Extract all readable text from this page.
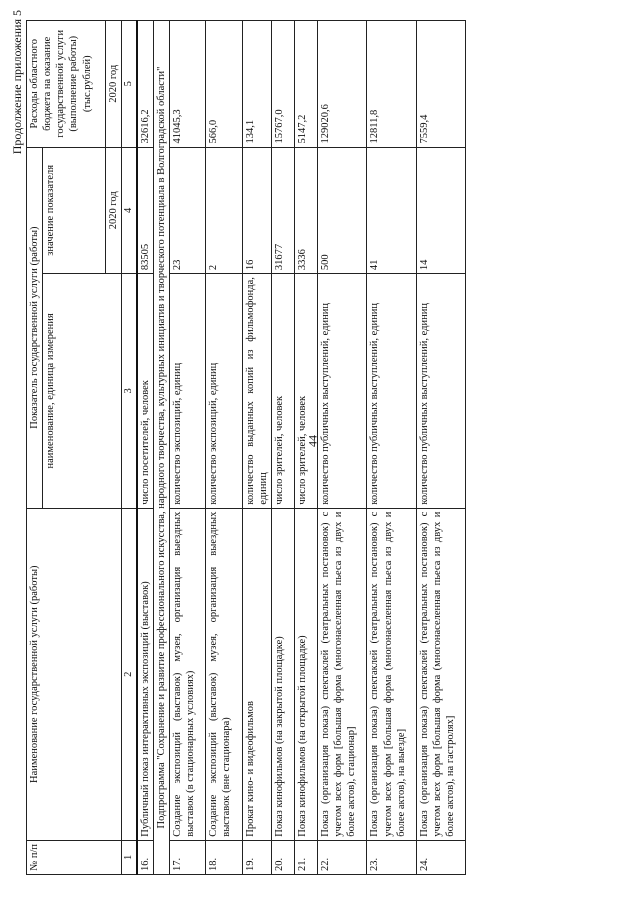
44
Продолжение приложения 5
№ п/п	Наименование государственной услуги (работы)	Показатель государственной услуги (работы)		Расходы областного бюджета на оказание государственной услуги (выполнение работы) (тыс.рублей)
		наименование, единица измерения	значение показателя	
			2020 год	2020 год
1	2	3	4	5
16.	Публичный показ интерактивных экспозиций (выставок)	число посетителей, человек	83505	32616,2
Подпрограмма "Сохранение и развитие профессионального искусства, народного творчества, культурных инициатив и творческого потенциала в Волгоградской области"				
17.	Создание экспозиций (выставок) музея, организация выездных выставок (в стационарных условиях)	количество экспозиций, единиц	23	41045,3
18.	Создание экспозиций (выставок) музея, организация выездных выставок (вне стационара)	количество экспозиций, единиц	2	566,0
19.	Прокат кино- и видеофильмов	количество выданных копий из фильмофонда, единиц	16	134,1
20.	Показ кинофильмов (на закрытой площадке)	число зрителей, человек	31677	15767,0
21.	Показ кинофильмов (на открытой площадке)	число зрителей, человек	3336	5147,2
22.	Показ (организация показа) спектаклей (театральных постановок) с учетом всех форм [большая форма (многонаселенная пьеса из двух и более актов), стационар]	количество публичных выступлений, единиц	500	129020,6
23.	Показ (организация показа) спектаклей (театральных постановок) с учетом всех форм [большая форма (многонаселенная пьеса из двух и более актов), на выезде]	количество публичных выступлений, единиц	41	12811,8
24.	Показ (организация показа) спектаклей (театральных постановок) с учетом всех форм [большая форма (многонаселенная пьеса из двух и более актов), на гастролях]	количество публичных выступлений, единиц	14	7559,4
